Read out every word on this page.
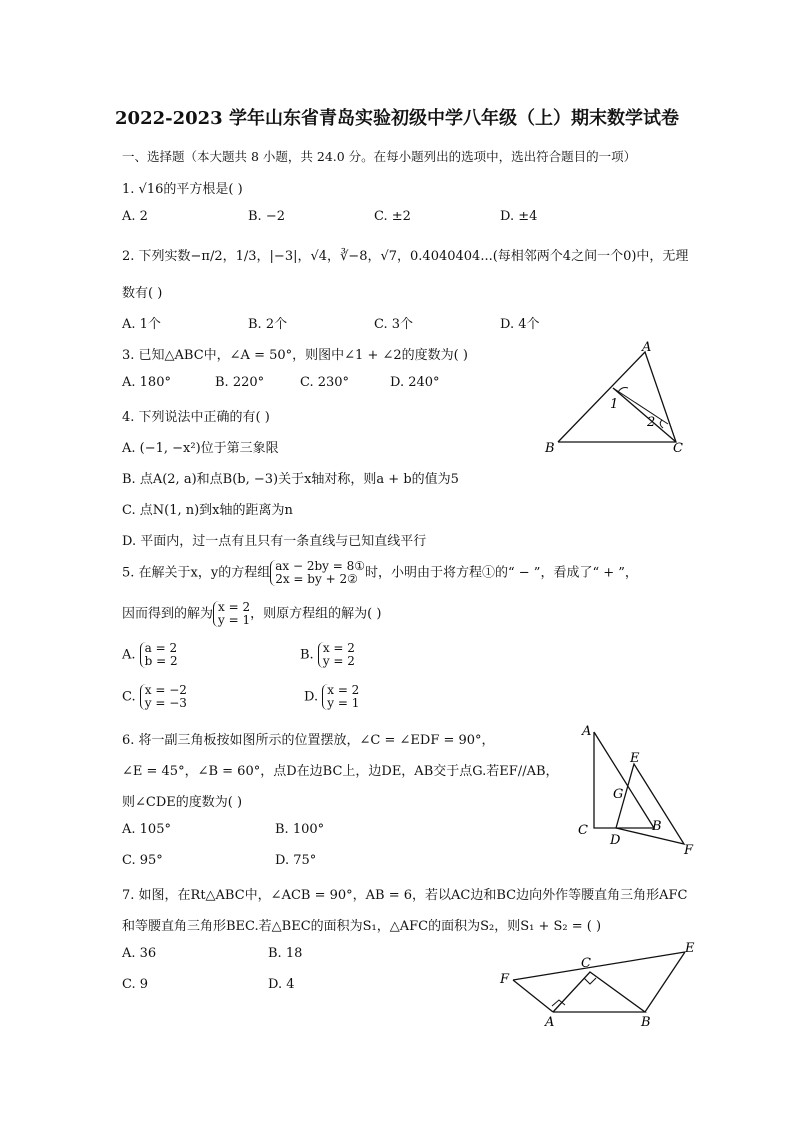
2022-2023 学年山东省青岛实验初级中学八年级（上）期末数学试卷
一、选择题（本大题共 8 小题，共 24.0 分。在每小题列出的选项中，选出符合题目的一项）
1. √16的平方根是( )
A. 2	B. −2	C. ±2	D. ±4
2. 下列实数−π/2，1/3，|−3|，√4，∛−8，√7，0.4040404...(每相邻两个4之间一个0)中，无理
数有( )
A. 1个	B. 2个	C. 3个	D. 4个
3. 已知△ABC中，∠A = 50°，则图中∠1 + ∠2的度数为( )
A. 180°	B. 220°	C. 230°	D. 240°
A
B	C
1
2
4. 下列说法中正确的有( )
A. (−1, −x²)位于第三象限
B. 点A(2, a)和点B(b, −3)关于x轴对称，则a + b的值为5
C. 点N(1, n)到x轴的距离为n
D. 平面内，过一点有且只有一条直线与已知直线平行
5. 在解关于x，y的方程组 ax − 2by = 8①
2x = by + 2② 时，小明由于将方程①的“ − ”，看成了“ + ”，
因而得到的解为 x = 2
y = 1 ，则原方程组的解为( )
A. a = 2
b = 2	B. x = 2
y = 2
C. x = −2
y = −3	D. x = 2
y = 1
6. 将一副三角板按如图所示的位置摆放，∠C = ∠EDF = 90°，
∠E = 45°，∠B = 60°，点D在边BC上，边DE，AB交于点G.若EF//AB，
则∠CDE的度数为( )
A. 105°	B. 100°
C. 95°	D. 75°
A
E
G
B
C
D
F
7. 如图，在Rt△ABC中，∠ACB = 90°，AB = 6，若以AC边和BC边向外作等腰直角三角形AFC
和等腰直角三角形BEC.若△BEC的面积为S₁，△AFC的面积为S₂，则S₁ + S₂ = ( )
A. 36	B. 18
C. 9	D. 4
E
F
C
A	B
